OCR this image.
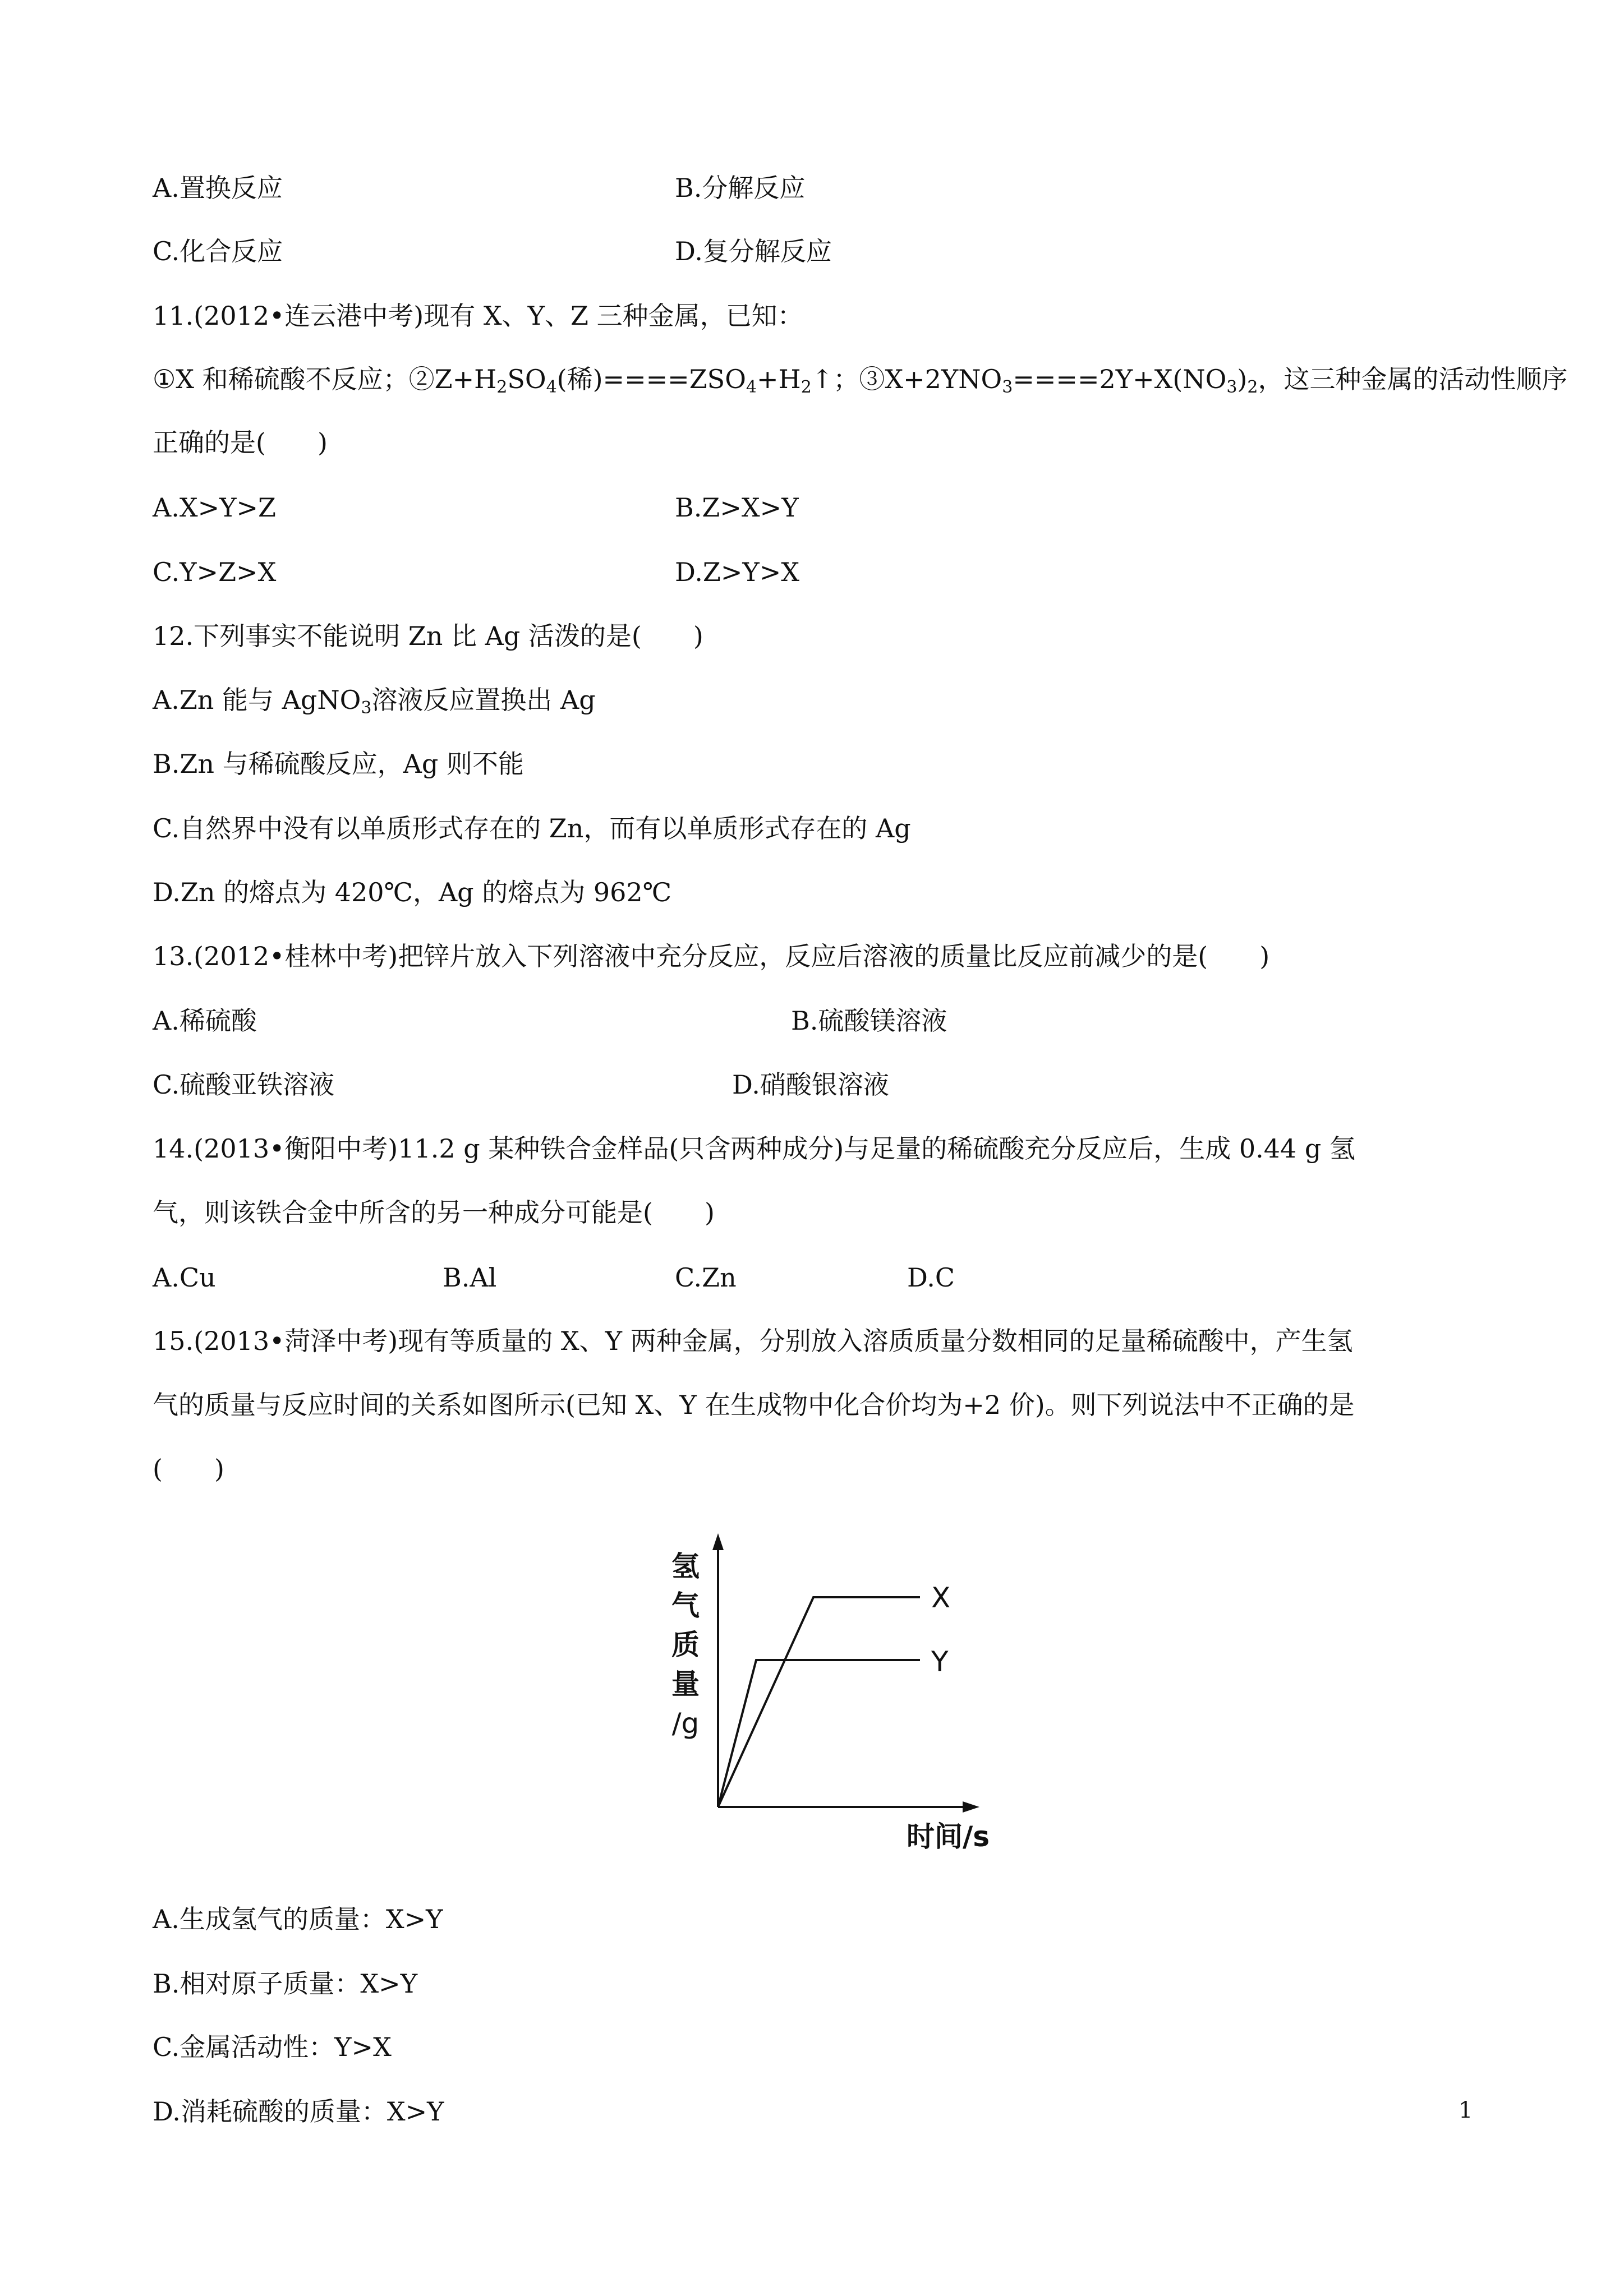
A.置换反应	B.分解反应
C.化合反应	D.复分解反应
11.(2012•连云港中考)现有 X、Y、Z 三种金属，已知：
①X 和稀硫酸不反应；$②Z+H_2SO_4$(稀)$====ZSO_4+H_2↑$；$③X+2YNO_3====2Y+X(NO_3)_2$，这三种金属的活动性顺序
正确的是(　　)
A.X>Y>Z	B.Z>X>Y
C.Y>Z>X	D.Z>Y>X
12.下列事实不能说明 Zn 比 Ag 活泼的是(　　)
A.Zn 能与 AgNO$_3$溶液反应置换出 Ag
B.Zn 与稀硫酸反应，Ag 则不能
C.自然界中没有以单质形式存在的 Zn，而有以单质形式存在的 Ag
D.Zn 的熔点为 420℃，Ag 的熔点为 962℃
13.(2012•桂林中考)把锌片放入下列溶液中充分反应，反应后溶液的质量比反应前减少的是(　　)
A.稀硫酸	B.硫酸镁溶液
C.硫酸亚铁溶液	D.硝酸银溶液
14.(2013•衡阳中考)11.2 g 某种铁合金样品(只含两种成分)与足量的稀硫酸充分反应后，生成 0.44 g 氢
气，则该铁合金中所含的另一种成分可能是(　　)
A.Cu	B.Al	C.Zn	D.C
15.(2013•菏泽中考)现有等质量的 X、Y 两种金属，分别放入溶质质量分数相同的足量稀硫酸中，产生氢
气的质量与反应时间的关系如图所示(已知 X、Y 在生成物中化合价均为+2 价)。则下列说法中不正确的是
(　　)
X
Y
氢
气
质
量
/g
时间/s
A.生成氢气的质量：X>Y
B.相对原子质量：X>Y
C.金属活动性：Y>X
D.消耗硫酸的质量：X>Y	1
